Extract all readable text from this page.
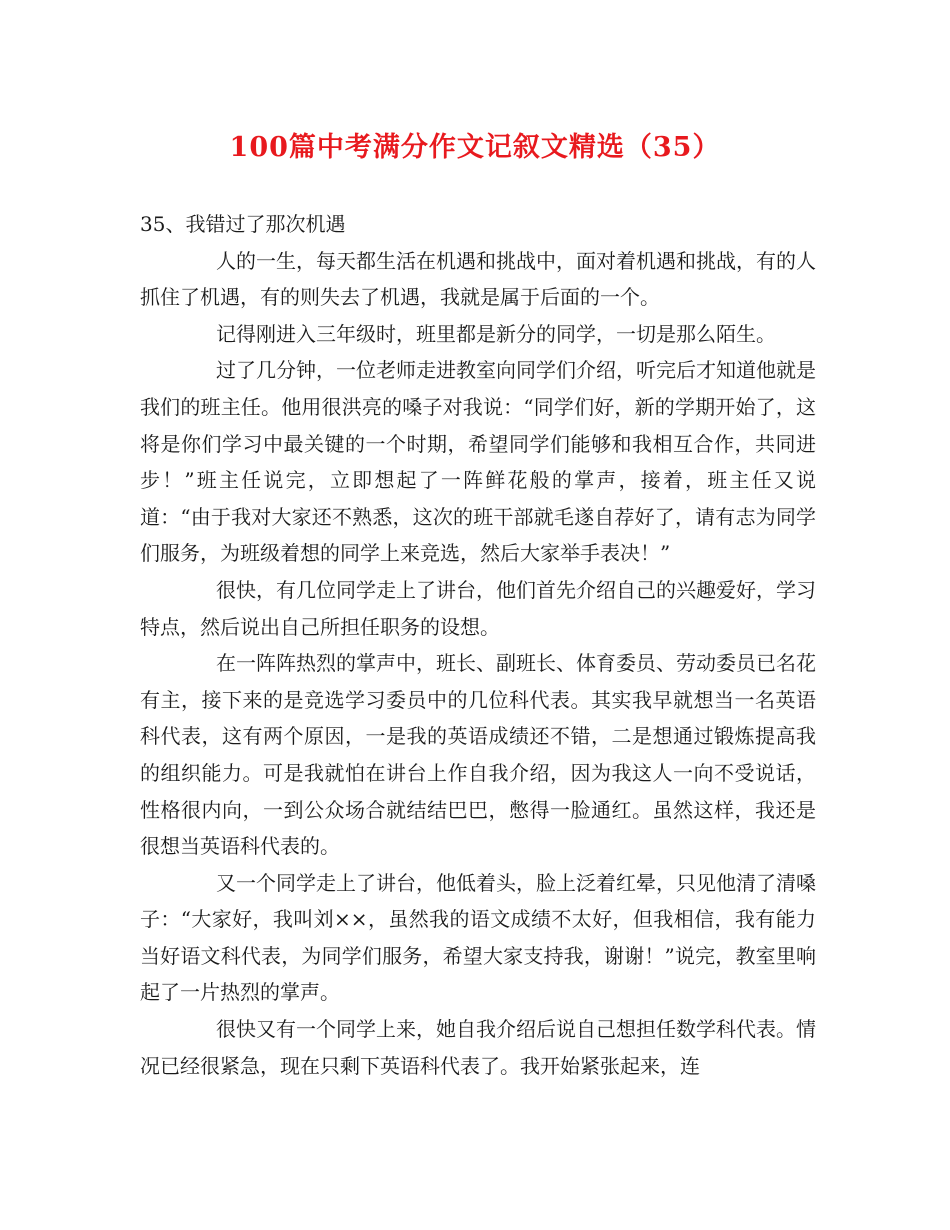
100篇中考满分作文记叙文精选（35）

35、我错过了那次机遇

人的一生，每天都生活在机遇和挑战中，面对着机遇和挑战，有的人抓住了机遇，有的则失去了机遇，我就是属于后面的一个。

记得刚进入三年级时，班里都是新分的同学，一切是那么陌生。

过了几分钟，一位老师走进教室向同学们介绍，听完后才知道他就是我们的班主任。他用很洪亮的嗓子对我说：“同学们好，新的学期开始了，这将是你们学习中最关键的一个时期，希望同学们能够和我相互合作，共同进步！”班主任说完，立即想起了一阵鲜花般的掌声，接着，班主任又说道：“由于我对大家还不熟悉，这次的班干部就毛遂自荐好了，请有志为同学们服务，为班级着想的同学上来竞选，然后大家举手表决！”

很快，有几位同学走上了讲台，他们首先介绍自己的兴趣爱好，学习特点，然后说出自己所担任职务的设想。

在一阵阵热烈的掌声中，班长、副班长、体育委员、劳动委员已名花有主，接下来的是竞选学习委员中的几位科代表。其实我早就想当一名英语科代表，这有两个原因，一是我的英语成绩还不错，二是想通过锻炼提高我的组织能力。可是我就怕在讲台上作自我介绍，因为我这人一向不受说话，性格很内向，一到公众场合就结结巴巴，憋得一脸通红。虽然这样，我还是很想当英语科代表的。

又一个同学走上了讲台，他低着头，脸上泛着红晕，只见他清了清嗓子：“大家好，我叫刘××，虽然我的语文成绩不太好，但我相信，我有能力当好语文科代表，为同学们服务，希望大家支持我，谢谢！”说完，教室里响起了一片热烈的掌声。

很快又有一个同学上来，她自我介绍后说自己想担任数学科代表。情况已经很紧急，现在只剩下英语科代表了。我开始紧张起来，连
